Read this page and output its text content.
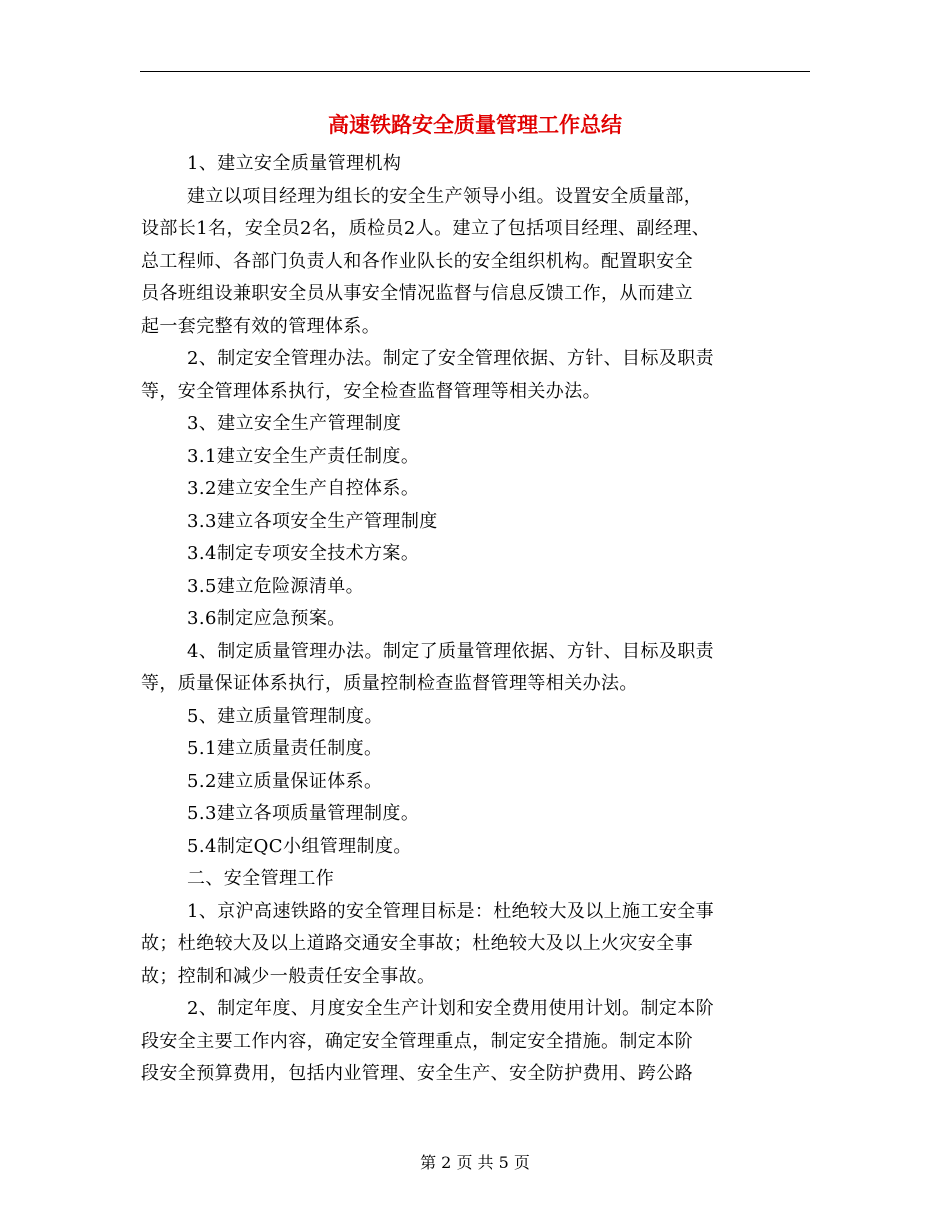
高速铁路安全质量管理工作总结
1、建立安全质量管理机构
建立以项目经理为组长的安全生产领导小组。设置安全质量部，
设部长1名，安全员2名，质检员2人。建立了包括项目经理、副经理、
总工程师、各部门负责人和各作业队长的安全组织机构。配置职安全
员各班组设兼职安全员从事安全情况监督与信息反馈工作，从而建立
起一套完整有效的管理体系。
2、制定安全管理办法。制定了安全管理依据、方针、目标及职责
等，安全管理体系执行，安全检查监督管理等相关办法。
3、建立安全生产管理制度
3.1建立安全生产责任制度。
3.2建立安全生产自控体系。
3.3建立各项安全生产管理制度
3.4制定专项安全技术方案。
3.5建立危险源清单。
3.6制定应急预案。
4、制定质量管理办法。制定了质量管理依据、方针、目标及职责
等，质量保证体系执行，质量控制检查监督管理等相关办法。
5、建立质量管理制度。
5.1建立质量责任制度。
5.2建立质量保证体系。
5.3建立各项质量管理制度。
5.4制定QC小组管理制度。
二、安全管理工作
1、京沪高速铁路的安全管理目标是：杜绝较大及以上施工安全事
故；杜绝较大及以上道路交通安全事故；杜绝较大及以上火灾安全事
故；控制和减少一般责任安全事故。
2、制定年度、月度安全生产计划和安全费用使用计划。制定本阶
段安全主要工作内容，确定安全管理重点，制定安全措施。制定本阶
段安全预算费用，包括内业管理、安全生产、安全防护费用、跨公路
第 2 页 共 5 页
